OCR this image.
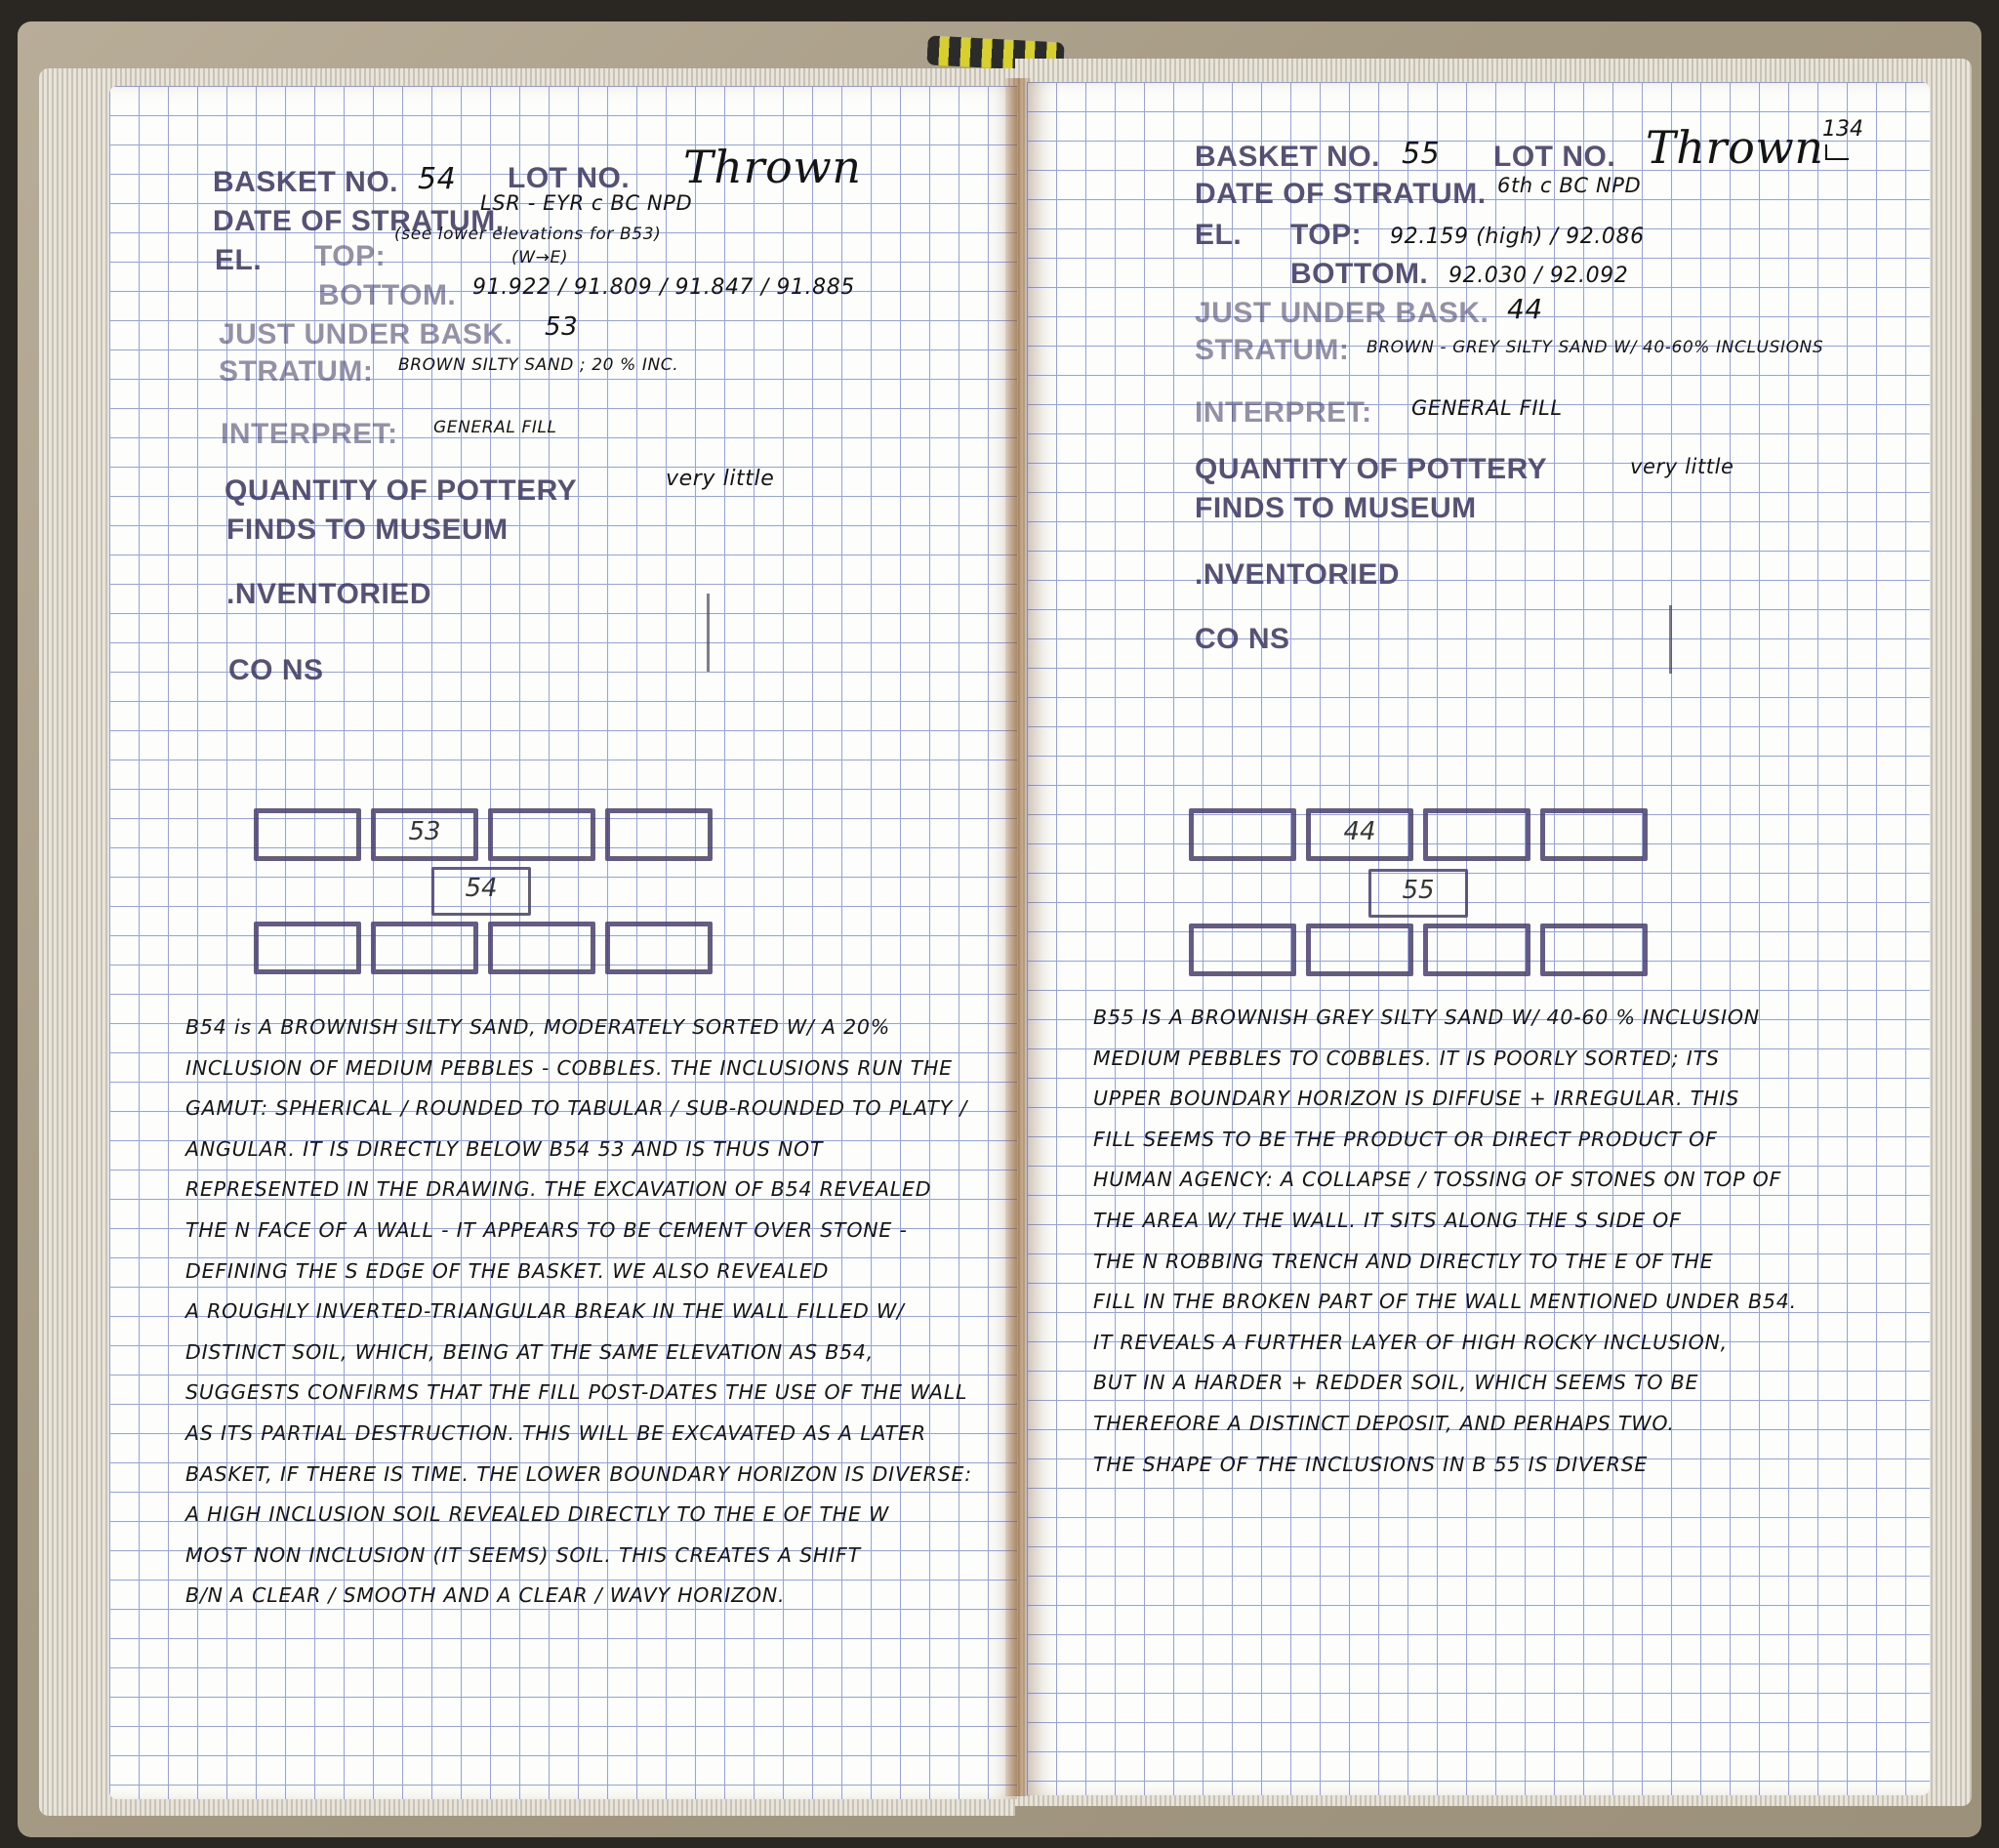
BASKET NO. 54 LOT NO. Thrown
DATE OF STRATUM.
LSR - EYR c BC NPD
EL. TOP:
(see lower elevations for B53)
(W→E)
BOTTOM. 91.922 / 91.809 / 91.847 / 91.885
JUST UNDER BASK. 53
STRATUM: BROWN SILTY SAND ; 20 % INC.
INTERPRET: GENERAL FILL
QUANTITY OF POTTERY	very little
FINDS TO MUSEUM
.NVENTORIED
CO NS
53
54
B54 is A BROWNISH SILTY SAND, MODERATELY SORTED W/ A 20%
INCLUSION OF MEDIUM PEBBLES - COBBLES. THE INCLUSIONS RUN THE
GAMUT: SPHERICAL / ROUNDED TO TABULAR / SUB-ROUNDED TO PLATY /
ANGULAR. IT IS DIRECTLY BELOW B54 53 AND IS THUS NOT
REPRESENTED IN THE DRAWING. THE EXCAVATION OF B54 REVEALED
THE N FACE OF A WALL - IT APPEARS TO BE CEMENT OVER STONE -
DEFINING THE S EDGE OF THE BASKET. WE ALSO REVEALED
A ROUGHLY INVERTED-TRIANGULAR BREAK IN THE WALL FILLED W/
DISTINCT SOIL, WHICH, BEING AT THE SAME ELEVATION AS B54,
SUGGESTS CONFIRMS THAT THE FILL POST-DATES THE USE OF THE WALL
AS ITS PARTIAL DESTRUCTION. THIS WILL BE EXCAVATED AS A LATER
BASKET, IF THERE IS TIME. THE LOWER BOUNDARY HORIZON IS DIVERSE:
A HIGH INCLUSION SOIL REVEALED DIRECTLY TO THE E OF THE W
MOST NON INCLUSION (IT SEEMS) SOIL. THIS CREATES A SHIFT
B/N A CLEAR / SMOOTH AND A CLEAR / WAVY HORIZON.
134
BASKET NO. 55 LOT NO. Thrown
DATE OF STRATUM. 6th c BC NPD
EL. TOP: 92.159 (high) / 92.086
BOTTOM. 92.030 / 92.092
JUST UNDER BASK. 44
STRATUM: BROWN - GREY SILTY SAND W/ 40-60% INCLUSIONS
INTERPRET: GENERAL FILL
QUANTITY OF POTTERY	very little
FINDS TO MUSEUM
.NVENTORIED
CO NS
44
55
B55 IS A BROWNISH GREY SILTY SAND W/ 40-60 % INCLUSION
MEDIUM PEBBLES TO COBBLES. IT IS POORLY SORTED; ITS
UPPER BOUNDARY HORIZON IS DIFFUSE + IRREGULAR. THIS
FILL SEEMS TO BE THE PRODUCT OR DIRECT PRODUCT OF
HUMAN AGENCY: A COLLAPSE / TOSSING OF STONES ON TOP OF
THE AREA W/ THE WALL. IT SITS ALONG THE S SIDE OF
THE N ROBBING TRENCH AND DIRECTLY TO THE E OF THE
FILL IN THE BROKEN PART OF THE WALL MENTIONED UNDER B54.
IT REVEALS A FURTHER LAYER OF HIGH ROCKY INCLUSION,
BUT IN A HARDER + REDDER SOIL, WHICH SEEMS TO BE
THEREFORE A DISTINCT DEPOSIT, AND PERHAPS TWO.
THE SHAPE OF THE INCLUSIONS IN B 55 IS DIVERSE
